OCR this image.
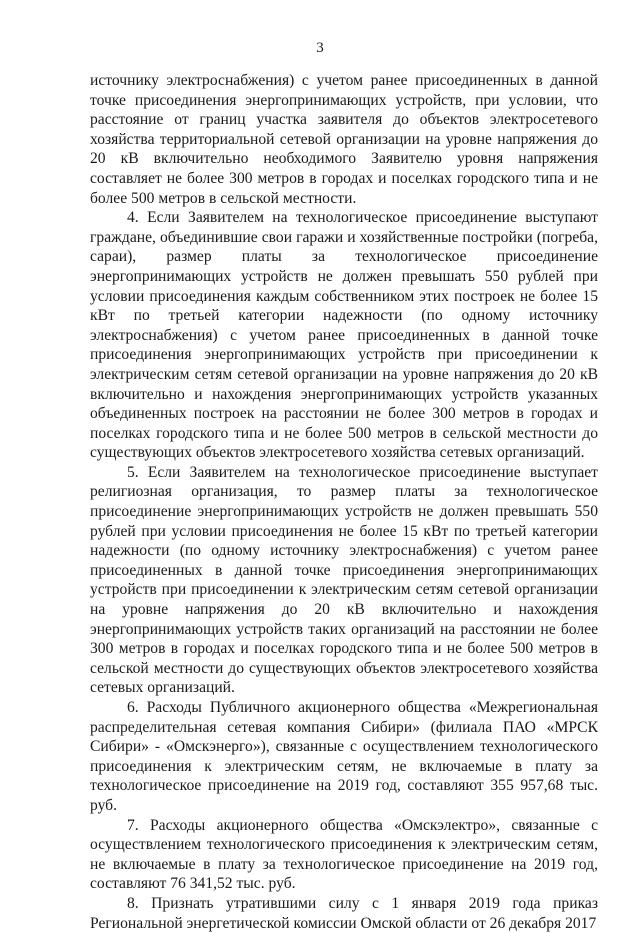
3

источнику электроснабжения) с учетом ранее присоединенных в данной точке присоединения энергопринимающих устройств, при условии, что расстояние от границ участка заявителя до объектов электросетевого хозяйства территориальной сетевой организации на уровне напряжения до 20 кВ включительно необходимого Заявителю уровня напряжения составляет не более 300 метров в городах и поселках городского типа и не более 500 метров в сельской местности.

4. Если Заявителем на технологическое присоединение выступают граждане, объединившие свои гаражи и хозяйственные постройки (погреба, сараи), размер платы за технологическое присоединение энергопринимающих устройств не должен превышать 550 рублей при условии присоединения каждым собственником этих построек не более 15 кВт по третьей категории надежности (по одному источнику электроснабжения) с учетом ранее присоединенных в данной точке присоединения энергопринимающих устройств при присоединении к электрическим сетям сетевой организации на уровне напряжения до 20 кВ включительно и нахождения энергопринимающих устройств указанных объединенных построек на расстоянии не более 300 метров в городах и поселках городского типа и не более 500 метров в сельской местности до существующих объектов электросетевого хозяйства сетевых организаций.

5. Если Заявителем на технологическое присоединение выступает религиозная организация, то размер платы за технологическое присоединение энергопринимающих устройств не должен превышать 550 рублей при условии присоединения не более 15 кВт по третьей категории надежности (по одному источнику электроснабжения) с учетом ранее присоединенных в данной точке присоединения энергопринимающих устройств при присоединении к электрическим сетям сетевой организации на уровне напряжения до 20 кВ включительно и нахождения энергопринимающих устройств таких организаций на расстоянии не более 300 метров в городах и поселках городского типа и не более 500 метров в сельской местности до существующих объектов электросетевого хозяйства сетевых организаций.

6. Расходы Публичного акционерного общества «Межрегиональная распределительная сетевая компания Сибири» (филиала ПАО «МРСК Сибири» - «Омскэнерго»), связанные с осуществлением технологического присоединения к электрическим сетям, не включаемые в плату за технологическое присоединение на 2019 год, составляют 355 957,68 тыс. руб.

7. Расходы акционерного общества «Омскэлектро», связанные с осуществлением технологического присоединения к электрическим сетям, не включаемые в плату за технологическое присоединение на 2019 год, составляют 76 341,52 тыс. руб.

8. Признать утратившими силу с 1 января 2019 года приказ Региональной энергетической комиссии Омской области от 26 декабря 2017
